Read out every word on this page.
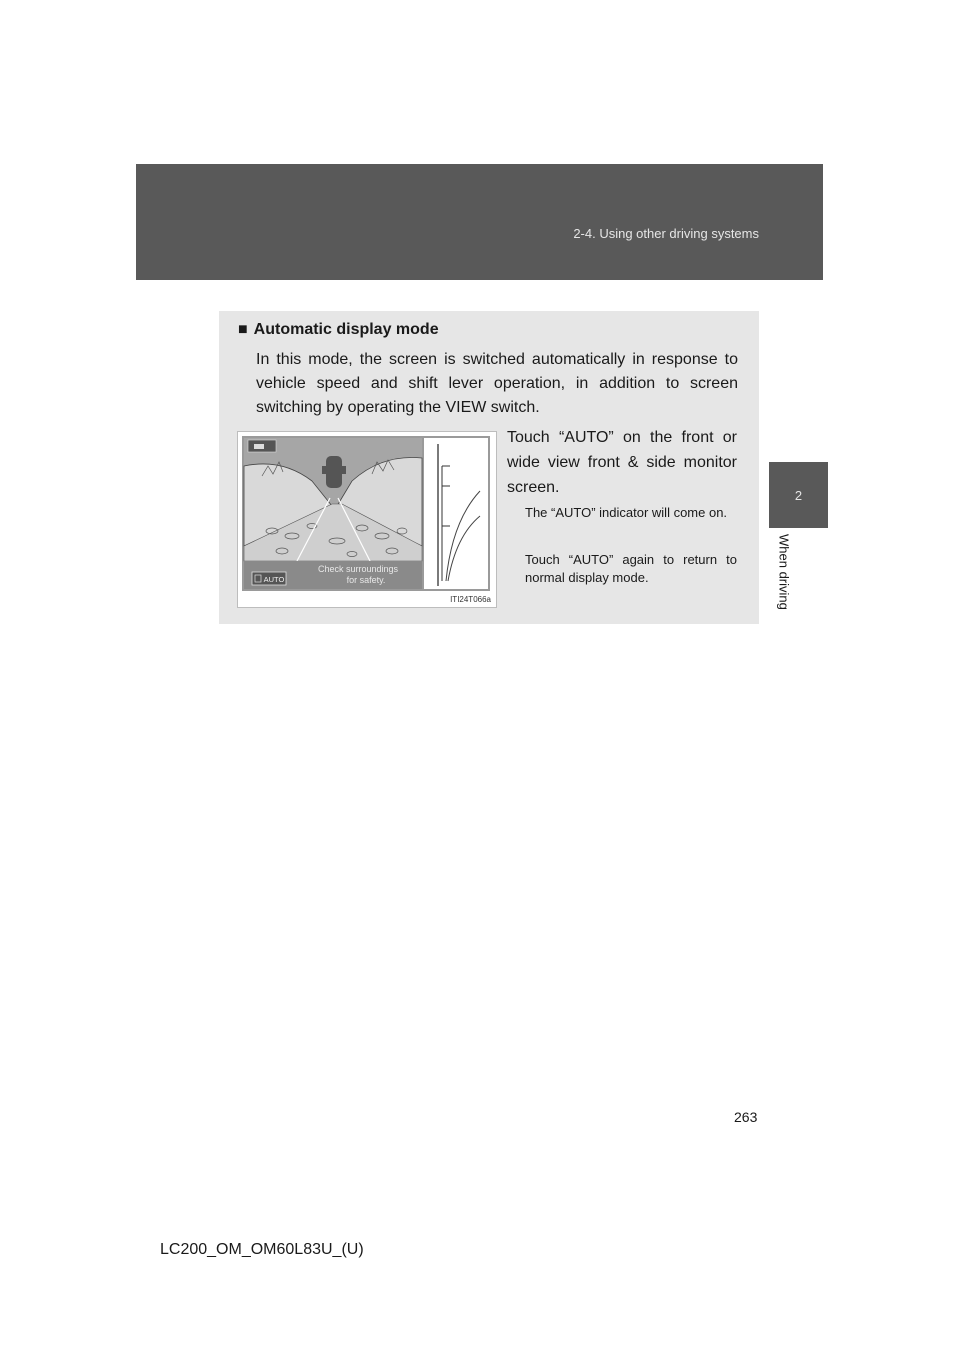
2-4. Using other driving systems
2
When driving
■ Automatic display mode

In this mode, the screen is switched automatically in response to vehicle speed and shift lever operation, in addition to screen switching by operating the VIEW switch.

Check surroundings
for safety.
AUTO
ITI24T066a

Touch “AUTO” on the front or wide view front & side monitor screen.

The “AUTO” indicator will come on.

Touch “AUTO” again to return to normal display mode.

263
LC200_OM_OM60L83U_(U)
